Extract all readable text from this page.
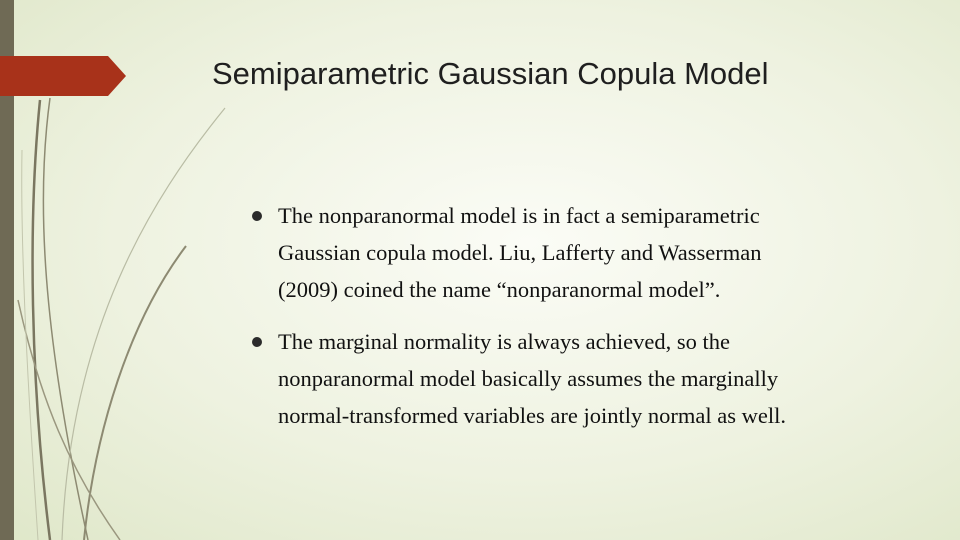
Semiparametric Gaussian Copula Model
The nonparanormal model is in fact a semiparametric
Gaussian copula model. Liu, Lafferty and Wasserman
(2009) coined the name “nonparanormal model”.
The marginal normality is always achieved, so the
nonparanormal model basically assumes the marginally
normal-transformed variables are jointly normal as well.
